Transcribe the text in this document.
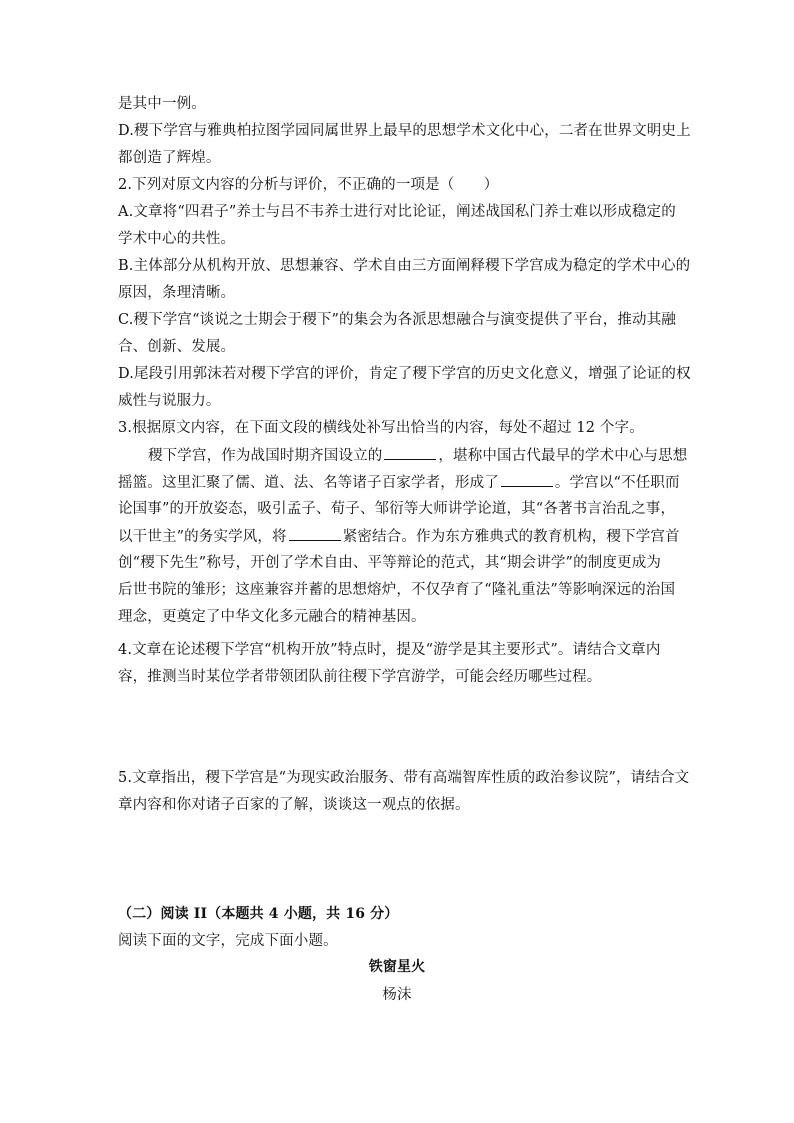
是其中一例。
D.稷下学宫与雅典柏拉图学园同属世界上最早的思想学术文化中心，二者在世界文明史上
都创造了辉煌。
2.下列对原文内容的分析与评价，不正确的一项是（　　）
A.文章将“四君子”养士与吕不韦养士进行对比论证，阐述战国私门养士难以形成稳定的
学术中心的共性。
B.主体部分从机构开放、思想兼容、学术自由三方面阐释稷下学宫成为稳定的学术中心的
原因，条理清晰。
C.稷下学宫“谈说之士期会于稷下”的集会为各派思想融合与演变提供了平台，推动其融
合、创新、发展。
D.尾段引用郭沫若对稷下学宫的评价，肯定了稷下学宫的历史文化意义，增强了论证的权
威性与说服力。
3.根据原文内容，在下面文段的横线处补写出恰当的内容，每处不超过 12 个字。
稷下学宫，作为战国时期齐国设立的	，堪称中国古代最早的学术中心与思想
摇篮。这里汇聚了儒、道、法、名等诸子百家学者，形成了	。学宫以“不任职而
论国事”的开放姿态，吸引孟子、荀子、邹衍等大师讲学论道，其“各著书言治乱之事，
以干世主”的务实学风，将	紧密结合。作为东方雅典式的教育机构，稷下学宫首
创“稷下先生”称号，开创了学术自由、平等辩论的范式，其“期会讲学”的制度更成为
后世书院的雏形；这座兼容并蓄的思想熔炉，不仅孕育了“隆礼重法”等影响深远的治国
理念，更奠定了中华文化多元融合的精神基因。
4.文章在论述稷下学宫“机构开放”特点时，提及“游学是其主要形式”。请结合文章内
容，推测当时某位学者带领团队前往稷下学宫游学，可能会经历哪些过程。
5.文章指出，稷下学宫是“为现实政治服务、带有高端智库性质的政治参议院”，请结合文
章内容和你对诸子百家的了解，谈谈这一观点的依据。
（二）阅读 II（本题共 4 小题，共 16 分）
阅读下面的文字，完成下面小题。
铁窗星火
杨沫
